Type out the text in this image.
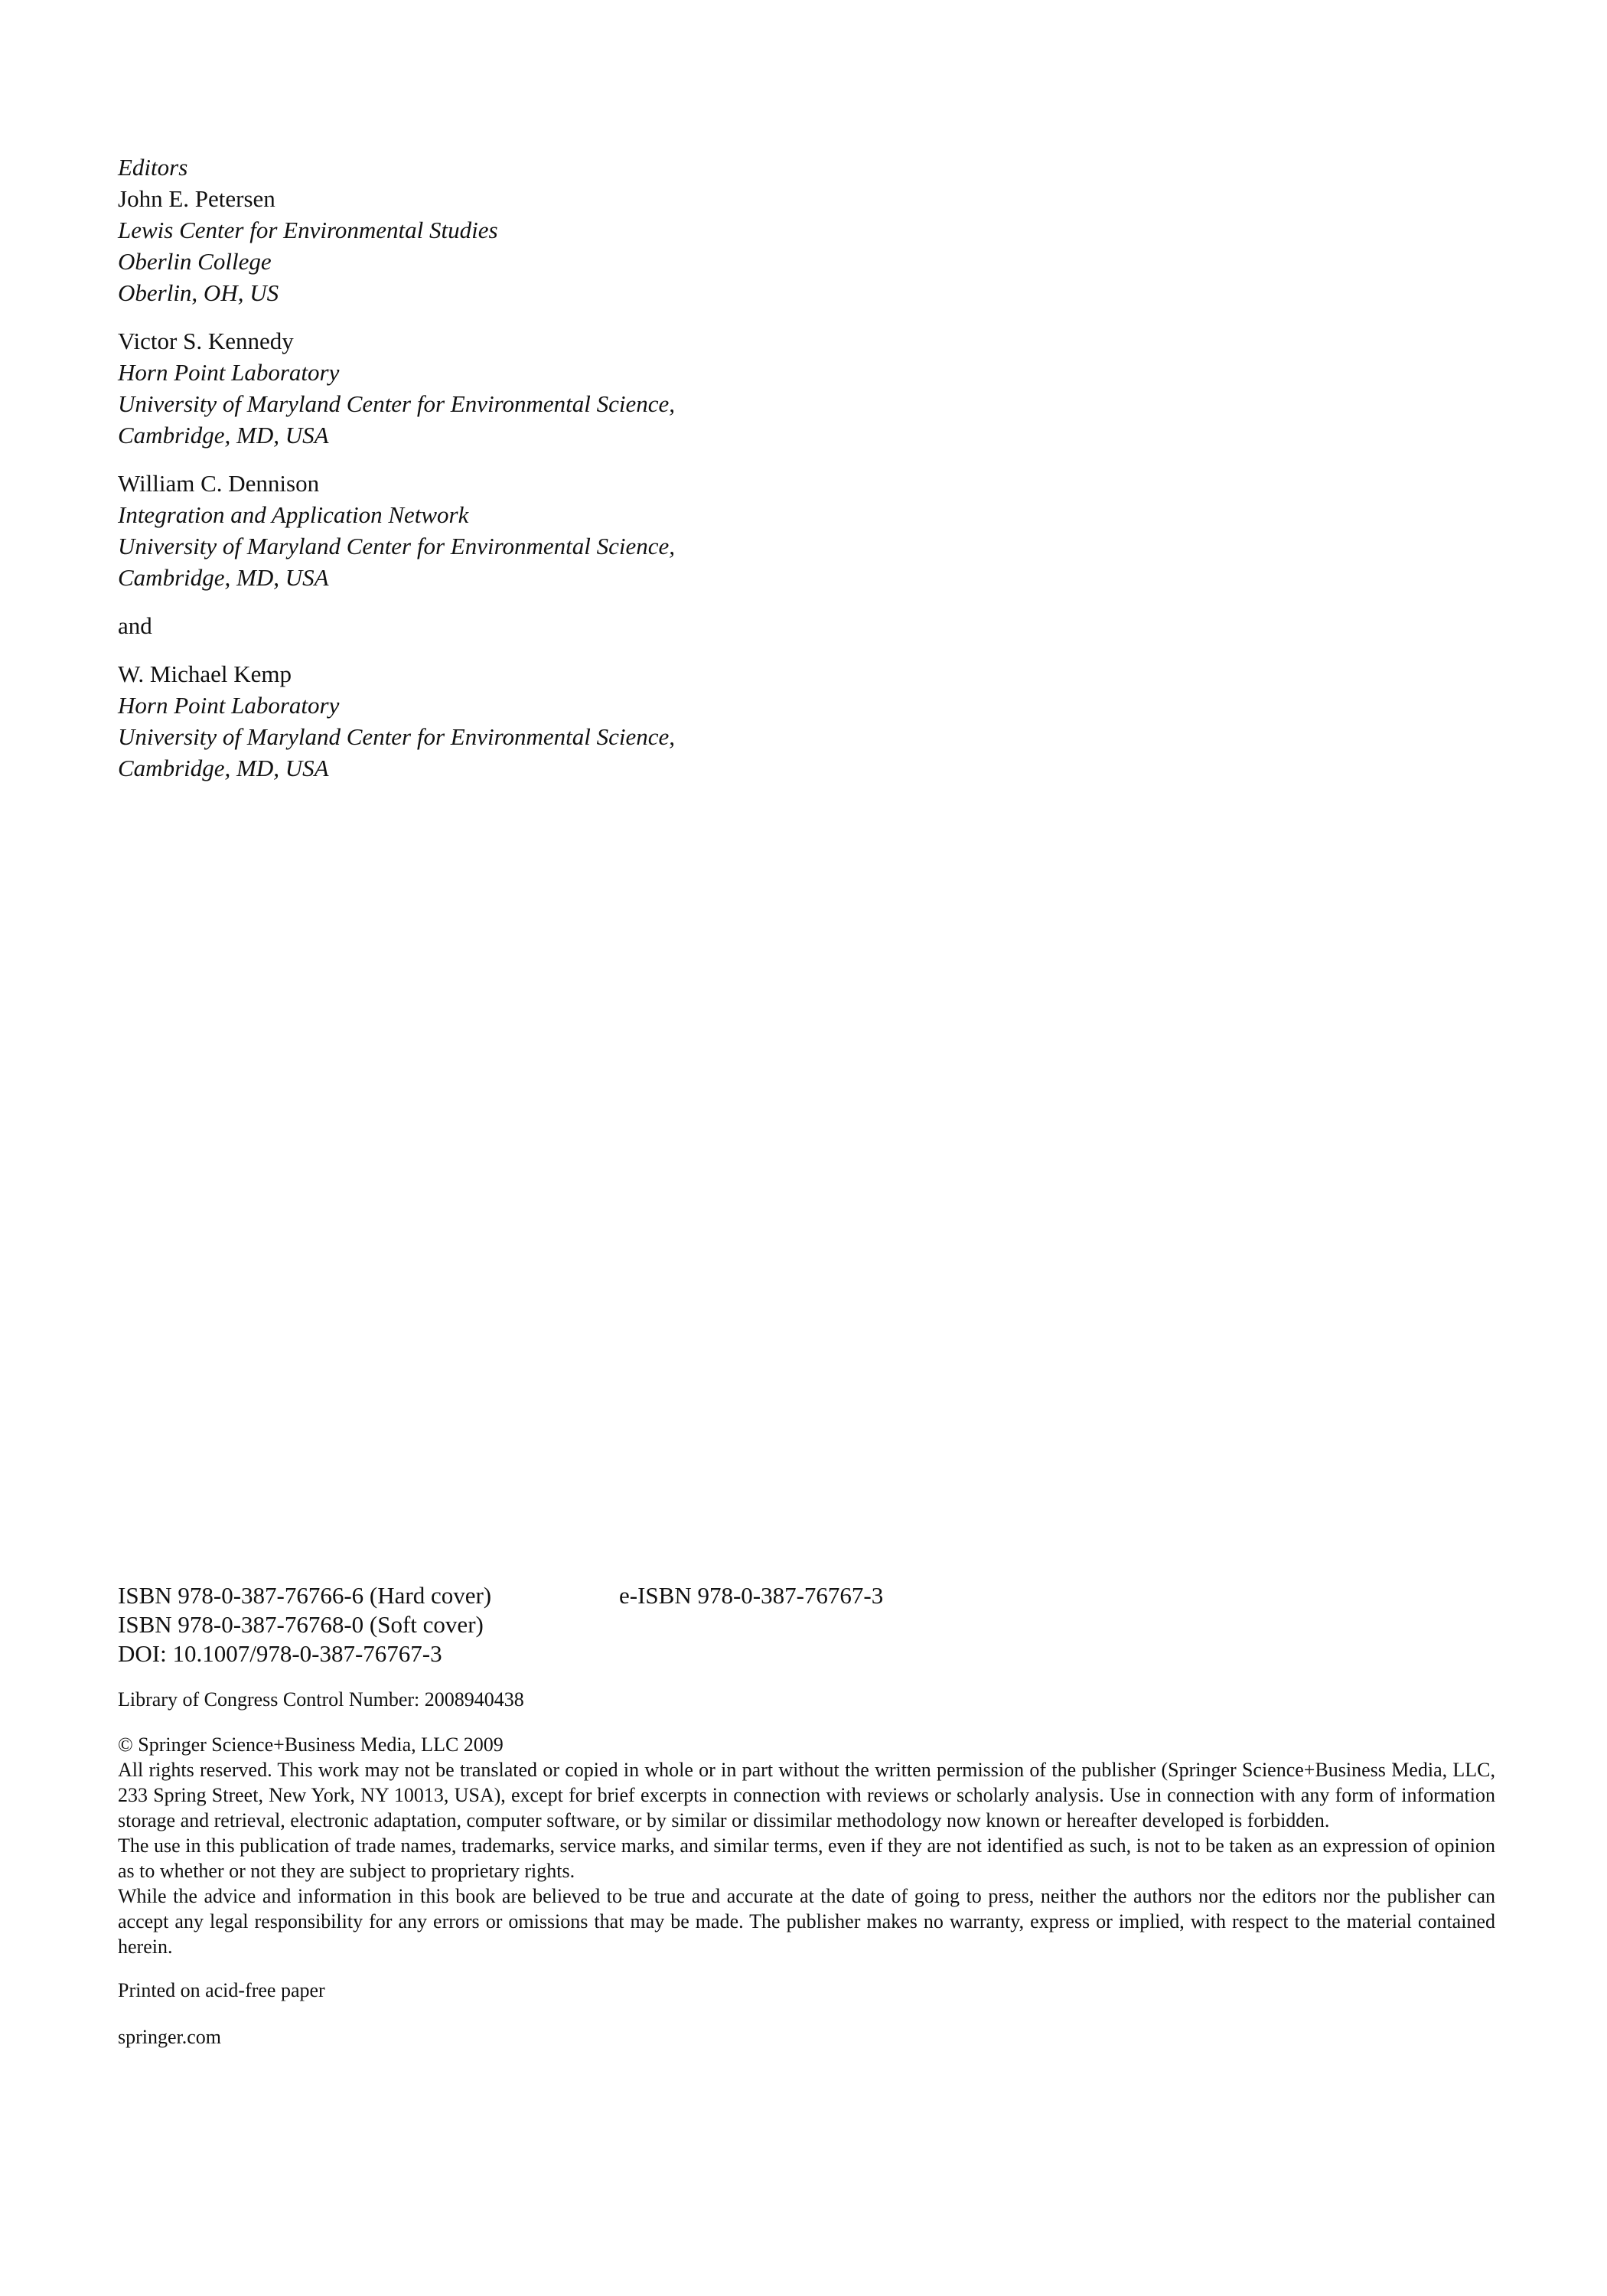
Editors
John E. Petersen
Lewis Center for Environmental Studies
Oberlin College
Oberlin, OH, US
Victor S. Kennedy
Horn Point Laboratory
University of Maryland Center for Environmental Science,
Cambridge, MD, USA
William C. Dennison
Integration and Application Network
University of Maryland Center for Environmental Science,
Cambridge, MD, USA
and
W. Michael Kemp
Horn Point Laboratory
University of Maryland Center for Environmental Science,
Cambridge, MD, USA
ISBN 978-0-387-76766-6 (Hard cover)
ISBN 978-0-387-76768-0 (Soft cover)
DOI: 10.1007/978-0-387-76767-3
e-ISBN 978-0-387-76767-3
Library of Congress Control Number: 2008940438
© Springer Science+Business Media, LLC 2009
All rights reserved. This work may not be translated or copied in whole or in part without the written permission of the publisher (Springer Science+Business Media, LLC, 233 Spring Street, New York, NY 10013, USA), except for brief excerpts in connection with reviews or scholarly analysis. Use in connection with any form of information storage and retrieval, electronic adaptation, computer software, or by similar or dissimilar methodology now known or hereafter developed is forbidden.
The use in this publication of trade names, trademarks, service marks, and similar terms, even if they are not identified as such, is not to be taken as an expression of opinion as to whether or not they are subject to proprietary rights.
While the advice and information in this book are believed to be true and accurate at the date of going to press, neither the authors nor the editors nor the publisher can accept any legal responsibility for any errors or omissions that may be made. The publisher makes no warranty, express or implied, with respect to the material contained herein.
Printed on acid-free paper
springer.com
